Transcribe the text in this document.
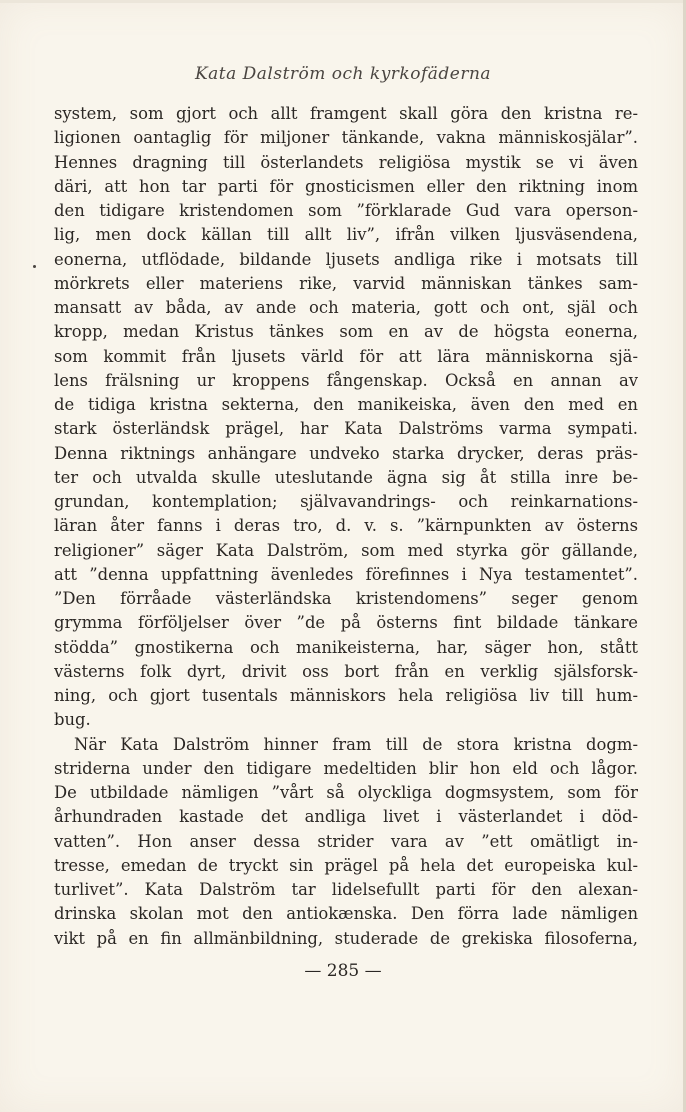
Kata Dalström och kyrkofäderna
system, som gjort och allt framgent skall göra den kristna re-
ligionen oantaglig för miljoner tänkande, vakna människosjälar”.
Hennes dragning till österlandets religiösa mystik se vi även
däri, att hon tar parti för gnosticismen eller den riktning inom
den tidigare kristendomen som ”förklarade Gud vara operson-
lig, men dock källan till allt liv”, ifrån vilken ljusväsendena,
eonerna, utflödade, bildande ljusets andliga rike i motsats till
mörkrets eller materiens rike, varvid människan tänkes sam-
mansatt av båda, av ande och materia, gott och ont, själ och
kropp, medan Kristus tänkes som en av de högsta eonerna,
som kommit från ljusets värld för att lära människorna sjä-
lens frälsning ur kroppens fångenskap. Också en annan av
de tidiga kristna sekterna, den manikeiska, även den med en
stark österländsk prägel, har Kata Dalströms varma sympati.
Denna riktnings anhängare undveko starka drycker, deras präs-
ter och utvalda skulle uteslutande ägna sig åt stilla inre be-
grundan, kontemplation; självavandrings- och reinkarnations-
läran åter fanns i deras tro, d. v. s. ”kärnpunkten av österns
religioner” säger Kata Dalström, som med styrka gör gällande,
att ”denna uppfattning ävenledes förefinnes i Nya testamentet”.
”Den förråade västerländska kristendomens” seger genom
grymma förföljelser över ”de på österns fint bildade tänkare
stödda” gnostikerna och manikeisterna, har, säger hon, stått
västerns folk dyrt, drivit oss bort från en verklig själsforsk-
ning, och gjort tusentals människors hela religiösa liv till hum-
bug.
När Kata Dalström hinner fram till de stora kristna dogm-
striderna under den tidigare medeltiden blir hon eld och lågor.
De utbildade nämligen ”vårt så olyckliga dogmsystem, som för
århundraden kastade det andliga livet i västerlandet i död-
vatten”. Hon anser dessa strider vara av ”ett omätligt in-
tresse, emedan de tryckt sin prägel på hela det europeiska kul-
turlivet”. Kata Dalström tar lidelsefullt parti för den alexan-
drinska skolan mot den antiokænska. Den förra lade nämligen
vikt på en fin allmänbildning, studerade de grekiska filosoferna,
— 285 —
